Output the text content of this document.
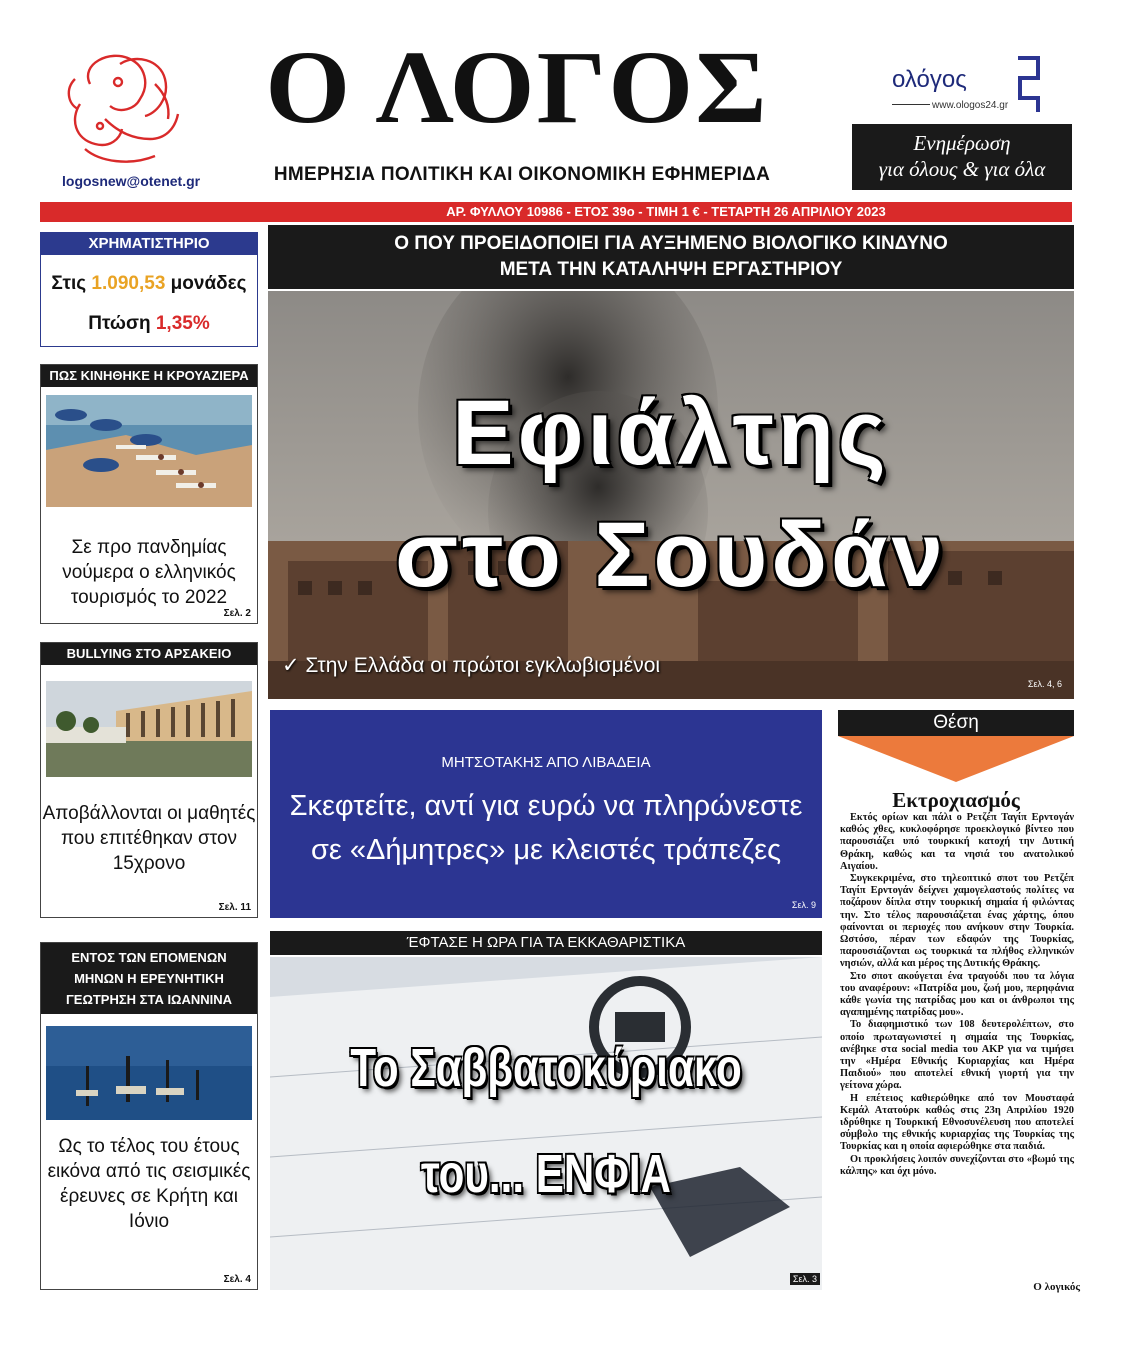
logosnew@otenet.gr
Ο ΛΟΓΟΣ
ΗΜΕΡΗΣΙΑ ΠΟΛΙΤΙΚΗ ΚΑΙ ΟΙΚΟΝΟΜΙΚΗ ΕΦΗΜΕΡΙΔΑ
ολόγος
www.ologos24.gr
Ενημέρωση
για όλους & για όλα
ΑΡ. ΦΥΛΛΟΥ 10986 - ΕΤΟΣ 39ο - ΤΙΜΗ 1 € - ΤΕΤΑΡΤΗ 26 ΑΠΡΙΛΙΟΥ 2023
ΧΡΗΜΑΤΙΣΤΗΡΙΟ
Στις 1.090,53 μονάδες
Πτώση 1,35%
ΠΩΣ ΚΙΝΗΘΗΚΕ Η ΚΡΟΥΑΖΙΕΡΑ
Σε προ πανδημίας νούμερα ο ελληνικός τουρισμός το 2022
Σελ. 2
BULLYING ΣΤΟ ΑΡΣΑΚΕΙΟ
Αποβάλλονται οι μαθητές που επιτέθηκαν στον 15χρονο
Σελ. 11
ΕΝΤΟΣ ΤΩΝ ΕΠΟΜΕΝΩΝ ΜΗΝΩΝ Η ΕΡΕΥΝΗΤΙΚΗ ΓΕΩΤΡΗΣΗ ΣΤΑ ΙΩΑΝΝΙΝΑ
Ως το τέλος του έτους εικόνα από τις σεισμικές έρευνες σε Κρήτη και Ιόνιο
Σελ. 4
Ο ΠΟΥ ΠΡΟΕΙΔΟΠΟΙΕΙ ΓΙΑ ΑΥΞΗΜΕΝΟ ΒΙΟΛΟΓΙΚΟ ΚΙΝΔΥΝΟ
ΜΕΤΑ ΤΗΝ ΚΑΤΑΛΗΨΗ ΕΡΓΑΣΤΗΡΙΟΥ
Εφιάλτης
στο Σουδάν
✓ Στην Ελλάδα οι πρώτοι εγκλωβισμένοι
Σελ. 4, 6
ΜΗΤΣΟΤΑΚΗΣ ΑΠΟ ΛΙΒΑΔΕΙΑ
Σκεφτείτε, αντί για ευρώ να πληρώνεστε
σε «Δήμητρες» με κλειστές τράπεζες
Σελ. 9
ΈΦΤΑΣΕ Η ΩΡΑ ΓΙΑ ΤΑ ΕΚΚΑΘΑΡΙΣΤΙΚΑ
Το Σαββατοκύριακο
του... ΕΝΦΙΑ
Σελ. 3
Θέση
Εκτροχιασμός

Εκτός ορίων και πάλι ο Ρετζέπ Ταγίπ Ερντογάν καθώς χθες, κυκλοφόρησε προεκλογικό βίντεο που παρουσιάζει υπό τουρκική κατοχή την Δυτική Θράκη, καθώς και τα νησιά του ανατολικού Αιγαίου.

Συγκεκριμένα, στο τηλεοπτικό σποτ του Ρετζέπ Ταγίπ Ερντογάν δείχνει χαμογελαστούς πολίτες να ποζάρουν δίπλα στην τουρκική σημαία ή φιλώντας την. Στο τέλος παρουσιάζεται ένας χάρτης, όπου φαίνονται οι περιοχές που ανήκουν στην Τουρκία. Ωστόσο, πέραν των εδαφών της Τουρκίας, παρουσιάζονται ως τουρκικά τα πλήθος ελληνικών νησιών, αλλά και μέρος της Δυτικής Θράκης.

Στο σποτ ακούγεται ένα τραγούδι που τα λόγια του αναφέρουν: «Πατρίδα μου, ζωή μου, περηφάνια κάθε γωνία της πατρίδας μου και οι άνθρωποι της αγαπημένης πατρίδας μου».

Το διαφημιστικό των 108 δευτερολέπτων, στο οποίο πρωταγωνιστεί η σημαία της Τουρκίας, ανέβηκε στα social media του ΑΚΡ για να τιμήσει την «Ημέρα Εθνικής Κυριαρχίας και Ημέρα Παιδιού» που αποτελεί εθνική γιορτή για την γείτονα χώρα.

Η επέτειος καθιερώθηκε από τον Μουσταφά Κεμάλ Ατατούρκ καθώς στις 23η Απριλίου 1920 ιδρύθηκε η Τουρκική Εθνοσυνέλευση που αποτελεί σύμβολο της εθνικής κυριαρχίας της Τουρκίας της Τουρκίας και η οποία αφιερώθηκε στα παιδιά.

Οι προκλήσεις λοιπόν συνεχίζονται στο «βωμό της κάλπης» και όχι μόνο.

Ο λογικός
